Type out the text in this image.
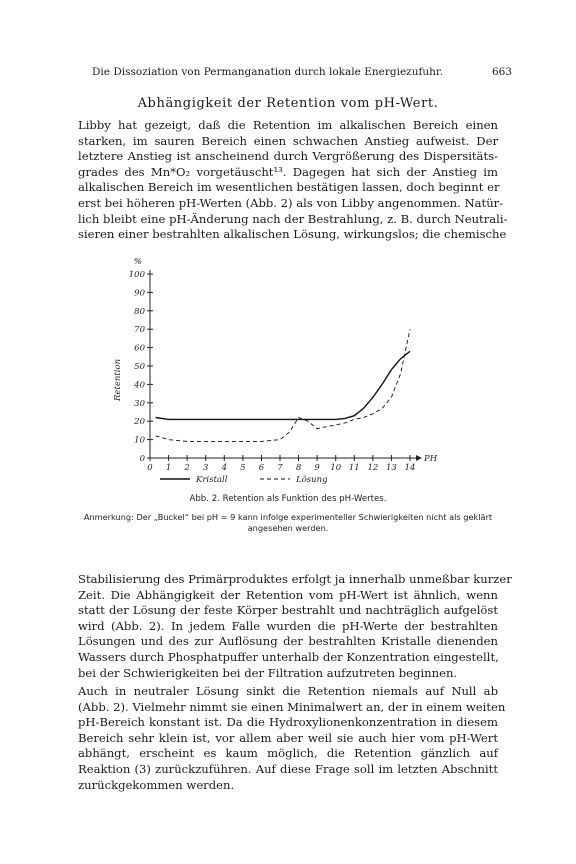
Die Dissoziation von Permanganation durch lokale Energiezufuhr.	663
Abhängigkeit der Retention vom pH-Wert.

Libby hat gezeigt, daß die Retention im alkalischen Bereich einen
starken, im sauren Bereich einen schwachen Anstieg aufweist. Der
letztere Anstieg ist anscheinend durch Vergrößerung des Dispersitäts-
grades des Mn*O₂ vorgetäuscht¹³. Dagegen hat sich der Anstieg im
alkalischen Bereich im wesentlichen bestätigen lassen, doch beginnt er
erst bei höheren pH-Werten (Abb. 2) als von Libby angenommen. Natür-
lich bleibt eine pH-Änderung nach der Bestrahlung, z. B. durch Neutrali-
sieren einer bestrahlten alkalischen Lösung, wirkungslos; die chemische

0
10
20
30
40
50
60
70
80
90
100
%
0 1 2 3 4 5 6 7 8 9 10 11 12 13 14
PH
Retention
Kristall	Lösung
Abb. 2. Retention als Funktion des pH-Wertes.
Anmerkung: Der „Buckel“ bei pH = 9 kann infolge experimenteller Schwierigkeiten nicht als geklärt angesehen werden.

Stabilisierung des Primärproduktes erfolgt ja innerhalb unmeßbar kurzer
Zeit. Die Abhängigkeit der Retention vom pH-Wert ist ähnlich, wenn
statt der Lösung der feste Körper bestrahlt und nachträglich aufgelöst
wird (Abb. 2). In jedem Falle wurden die pH-Werte der bestrahlten
Lösungen und des zur Auflösung der bestrahlten Kristalle dienenden
Wassers durch Phosphatpuffer unterhalb der Konzentration eingestellt,
bei der Schwierigkeiten bei der Filtration aufzutreten beginnen.

Auch in neutraler Lösung sinkt die Retention niemals auf Null ab
(Abb. 2). Vielmehr nimmt sie einen Minimalwert an, der in einem weiten
pH-Bereich konstant ist. Da die Hydroxylionenkonzentration in diesem
Bereich sehr klein ist, vor allem aber weil sie auch hier vom pH-Wert
abhängt, erscheint es kaum möglich, die Retention gänzlich auf
Reaktion (3) zurückzuführen. Auf diese Frage soll im letzten Abschnitt
zurückgekommen werden.
